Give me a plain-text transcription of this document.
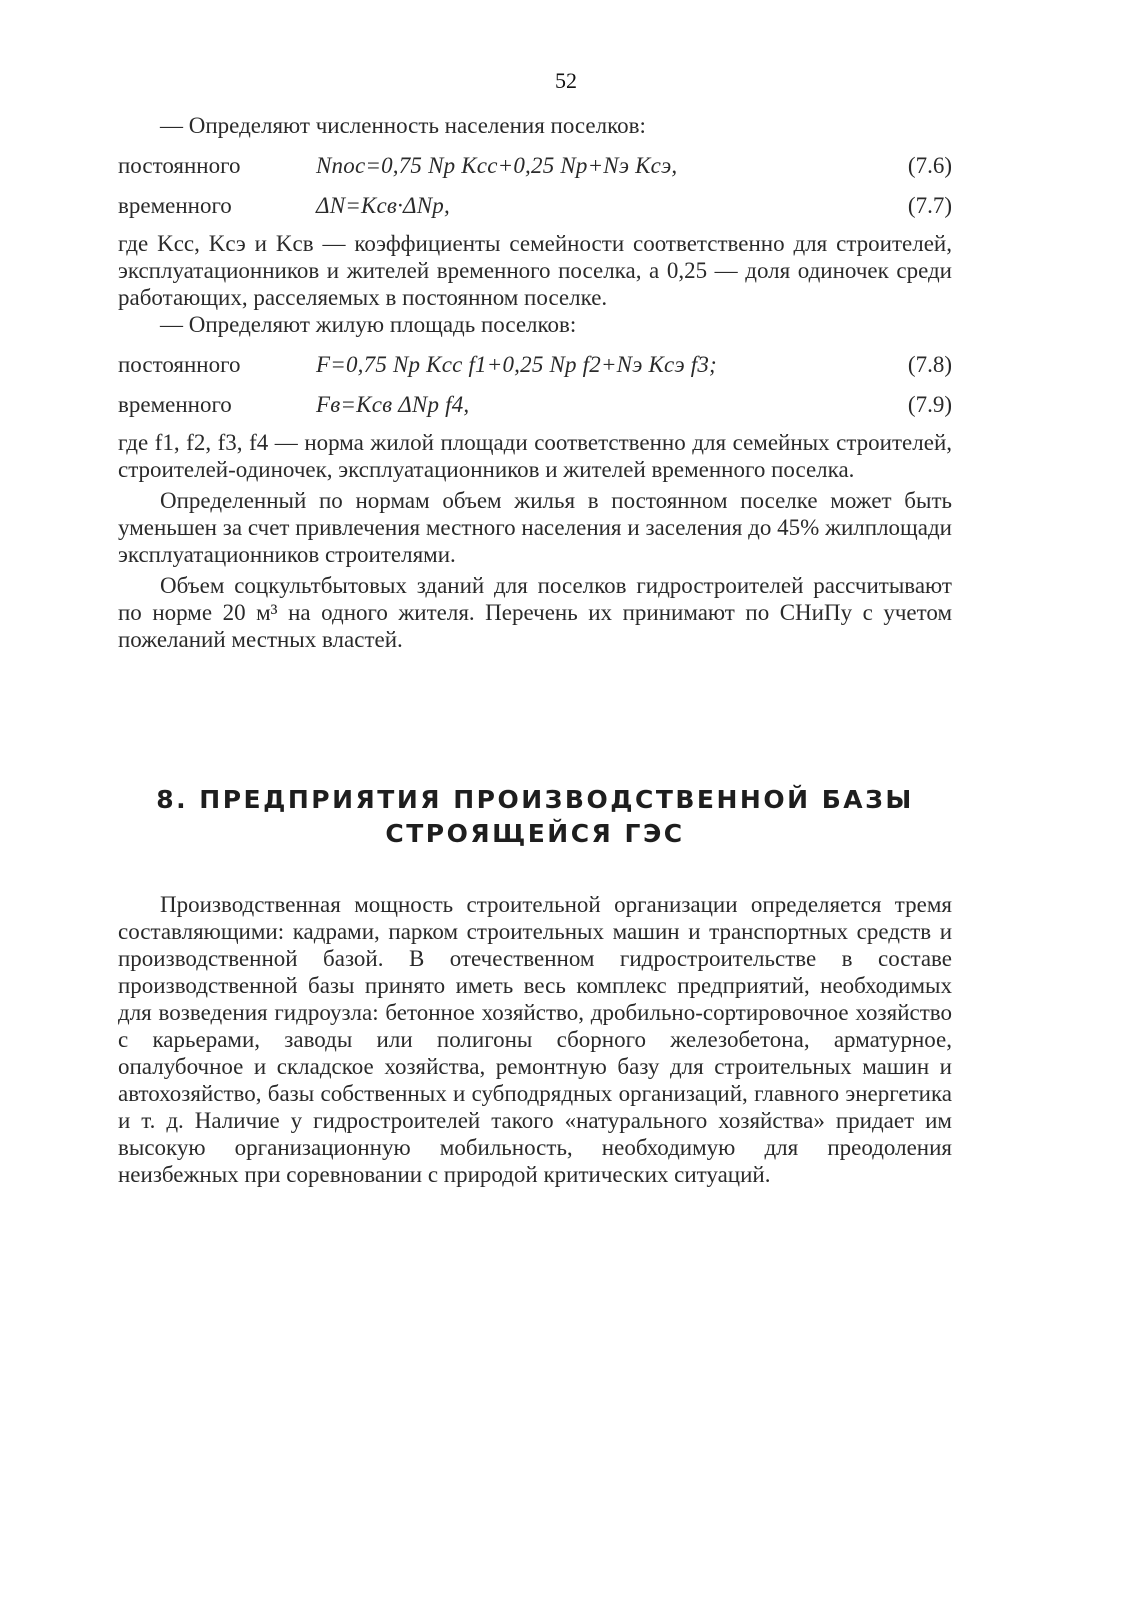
52

— Определяют численность населения поселков:

постоянного	Nпос=0,75 Nр Kсс+0,25 Nр+Nэ Kсэ,	(7.6)
временного	ΔN=Kсв·ΔNр,	(7.7)

где Kсс, Kсэ и Kсв — коэффициенты семейности соответственно для строителей, эксплуатационников и жителей временного поселка, а 0,25 — доля одиночек среди работающих, расселяемых в постоянном поселке.

— Определяют жилую площадь поселков:

постоянного	F=0,75 Nр Kсс f1+0,25 Nр f2+Nэ Kсэ f3;	(7.8)
временного	Fв=Kсв ΔNр f4,	(7.9)

где f1, f2, f3, f4 — норма жилой площади соответственно для семейных строителей, строителей-одиночек, эксплуатационников и жителей временного поселка.

Определенный по нормам объем жилья в постоянном поселке может быть уменьшен за счет привлечения местного населения и заселения до 45% жилплощади эксплуатационников строителями.

Объем соцкультбытовых зданий для поселков гидростроителей рассчитывают по норме 20 м³ на одного жителя. Перечень их принимают по СНиПу с учетом пожеланий местных властей.

8. ПРЕДПРИЯТИЯ ПРОИЗВОДСТВЕННОЙ БАЗЫ
СТРОЯЩЕЙСЯ ГЭС

Производственная мощность строительной организации определяется тремя составляющими: кадрами, парком строительных машин и транспортных средств и производственной базой. В отечественном гидростроительстве в составе производственной базы принято иметь весь комплекс предприятий, необходимых для возведения гидроузла: бетонное хозяйство, дробильно-сортировочное хозяйство с карьерами, заводы или полигоны сборного железобетона, арматурное, опалубочное и складское хозяйства, ремонтную базу для строительных машин и автохозяйство, базы собственных и субподрядных организаций, главного энергетика и т. д. Наличие у гидростроителей такого «натурального хозяйства» придает им высокую организационную мобильность, необходимую для преодоления неизбежных при соревновании с природой критических ситуаций.
